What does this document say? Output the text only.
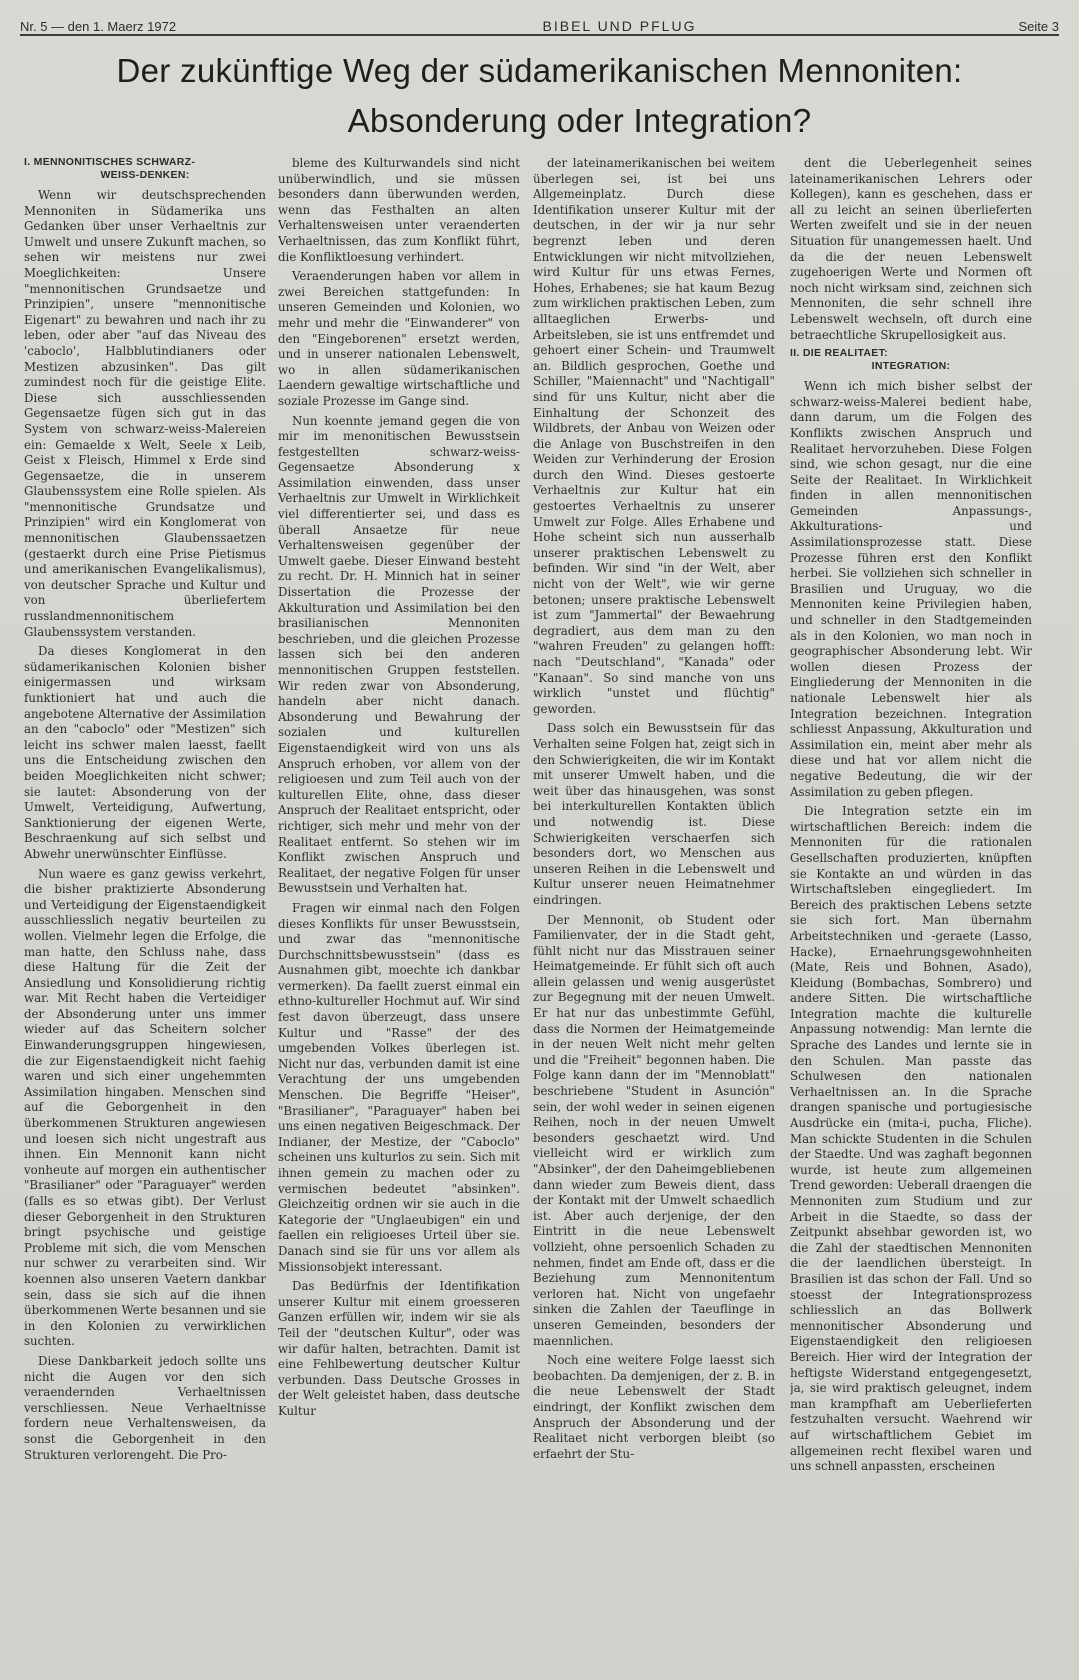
Nr. 5 — den 1. Maerz 1972	BIBEL UND PFLUG	Seite 3
Der zukünftige Weg der südamerikanischen Mennoniten:
Absonderung oder Integration?
I. MENNONITISCHES SCHWARZ-
WEISS-DENKEN:

Wenn wir deutschsprechenden Mennoniten in Südamerika uns Gedanken über unser Verhaeltnis zur Umwelt und unsere Zukunft machen, so sehen wir meistens nur zwei Moeglichkeiten: Unsere "mennonitischen Grundsaetze und Prinzipien", unsere "mennonitische Eigenart" zu bewahren und nach ihr zu leben, oder aber "auf das Niveau des 'caboclo', Halbblutindianers oder Mestizen abzusinken". Das gilt zumindest noch für die geistige Elite. Diese sich ausschliessenden Gegensaetze fügen sich gut in das System von schwarz-weiss-Malereien ein: Gemaelde x Welt, Seele x Leib, Geist x Fleisch, Himmel x Erde sind Gegensaetze, die in unserem Glaubenssystem eine Rolle spielen. Als "mennonitische Grundsatze und Prinzipien" wird ein Konglomerat von mennonitischen Glaubenssaetzen (gestaerkt durch eine Prise Pietismus und amerikanischen Evangelikalismus), von deutscher Sprache und Kultur und von überliefertem russlandmennonitischem Glaubenssystem verstanden.

Da dieses Konglomerat in den südamerikanischen Kolonien bisher einigermassen und wirksam funktioniert hat und auch die angebotene Alternative der Assimilation an den "caboclo" oder "Mestizen" sich leicht ins schwer malen laesst, faellt uns die Entscheidung zwischen den beiden Moeglichkeiten nicht schwer; sie lautet: Absonderung von der Umwelt, Verteidigung, Aufwertung, Sanktionierung der eigenen Werte, Beschraenkung auf sich selbst und Abwehr unerwünschter Einflüsse.

Nun waere es ganz gewiss verkehrt, die bisher praktizierte Absonderung und Verteidigung der Eigenstaendigkeit ausschliesslich negativ beurteilen zu wollen. Vielmehr legen die Erfolge, die man hatte, den Schluss nahe, dass diese Haltung für die Zeit der Ansiedlung und Konsolidierung richtig war. Mit Recht haben die Verteidiger der Absonderung unter uns immer wieder auf das Scheitern solcher Einwanderungsgruppen hingewiesen, die zur Eigenstaendigkeit nicht faehig waren und sich einer ungehemmten Assimilation hingaben. Menschen sind auf die Geborgenheit in den überkommenen Strukturen angewiesen und loesen sich nicht ungestraft aus ihnen. Ein Mennonit kann nicht vonheute auf morgen ein authentischer "Brasilianer" oder "Paraguayer" werden (falls es so etwas gibt). Der Verlust dieser Geborgenheit in den Strukturen bringt psychische und geistige Probleme mit sich, die vom Menschen nur schwer zu verarbeiten sind. Wir koennen also unseren Vaetern dankbar sein, dass sie sich auf die ihnen überkommenen Werte besannen und sie in den Kolonien zu verwirklichen suchten.

Diese Dankbarkeit jedoch sollte uns nicht die Augen vor den sich veraendernden Verhaeltnissen verschliessen. Neue Verhaeltnisse fordern neue Verhaltensweisen, da sonst die Geborgenheit in den Strukturen verlorengeht. Die Pro-

bleme des Kulturwandels sind nicht unüberwindlich, und sie müssen besonders dann überwunden werden, wenn das Festhalten an alten Verhaltensweisen unter veraenderten Verhaeltnissen, das zum Konflikt führt, die Konfliktloesung verhindert.

Veraenderungen haben vor allem in zwei Bereichen stattgefunden: In unseren Gemeinden und Kolonien, wo mehr und mehr die "Einwanderer" von den "Eingeborenen" ersetzt werden, und in unserer nationalen Lebenswelt, wo in allen südamerikanischen Laendern gewaltige wirtschaftliche und soziale Prozesse im Gange sind.

Nun koennte jemand gegen die von mir im menonitischen Bewusstsein festgestellten schwarz-weiss-Gegensaetze Absonderung x Assimilation einwenden, dass unser Verhaeltnis zur Umwelt in Wirklichkeit viel differentierter sei, und dass es überall Ansaetze für neue Verhaltensweisen gegenüber der Umwelt gaebe. Dieser Einwand besteht zu recht. Dr. H. Minnich hat in seiner Dissertation die Prozesse der Akkulturation und Assimilation bei den brasilianischen Mennoniten beschrieben, und die gleichen Prozesse lassen sich bei den anderen mennonitischen Gruppen feststellen. Wir reden zwar von Absonderung, handeln aber nicht danach. Absonderung und Bewahrung der sozialen und kulturellen Eigenstaendigkeit wird von uns als Anspruch erhoben, vor allem von der religioesen und zum Teil auch von der kulturellen Elite, ohne, dass dieser Anspruch der Realitaet entspricht, oder richtiger, sich mehr und mehr von der Realitaet entfernt. So stehen wir im Konflikt zwischen Anspruch und Realitaet, der negative Folgen für unser Bewusstsein und Verhalten hat.

Fragen wir einmal nach den Folgen dieses Konflikts für unser Bewusstsein, und zwar das "mennonitische Durchschnittsbewusstsein" (dass es Ausnahmen gibt, moechte ich dankbar vermerken). Da faellt zuerst einmal ein ethno-kultureller Hochmut auf. Wir sind fest davon überzeugt, dass unsere Kultur und "Rasse" der des umgebenden Volkes überlegen ist. Nicht nur das, verbunden damit ist eine Verachtung der uns umgebenden Menschen. Die Begriffe "Heiser", "Brasilianer", "Paraguayer" haben bei uns einen negativen Beigeschmack. Der Indianer, der Mestize, der "Caboclo" scheinen uns kulturlos zu sein. Sich mit ihnen gemein zu machen oder zu vermischen bedeutet "absinken". Gleichzeitig ordnen wir sie auch in die Kategorie der "Unglaeubigen" ein und faellen ein religioeses Urteil über sie. Danach sind sie für uns vor allem als Missionsobjekt interessant.

Das Bedürfnis der Identifikation unserer Kultur mit einem groesseren Ganzen erfüllen wir, indem wir sie als Teil der "deutschen Kultur", oder was wir dafür halten, betrachten. Damit ist eine Fehlbewertung deutscher Kultur verbunden. Dass Deutsche Grosses in der Welt geleistet haben, dass deutsche Kultur

der lateinamerikanischen bei weitem überlegen sei, ist bei uns Allgemeinplatz. Durch diese Identifikation unserer Kultur mit der deutschen, in der wir ja nur sehr begrenzt leben und deren Entwicklungen wir nicht mitvollziehen, wird Kultur für uns etwas Fernes, Hohes, Erhabenes; sie hat kaum Bezug zum wirklichen praktischen Leben, zum alltaeglichen Erwerbs- und Arbeitsleben, sie ist uns entfremdet und gehoert einer Schein- und Traumwelt an. Bildlich gesprochen, Goethe und Schiller, "Maiennacht" und "Nachtigall" sind für uns Kultur, nicht aber die Einhaltung der Schonzeit des Wildbrets, der Anbau von Weizen oder die Anlage von Buschstreifen in den Weiden zur Verhinderung der Erosion durch den Wind. Dieses gestoerte Verhaeltnis zur Kultur hat ein gestoertes Verhaeltnis zu unserer Umwelt zur Folge. Alles Erhabene und Hohe scheint sich nun ausserhalb unserer praktischen Lebenswelt zu befinden. Wir sind "in der Welt, aber nicht von der Welt", wie wir gerne betonen; unsere praktische Lebenswelt ist zum "Jammertal" der Bewaehrung degradiert, aus dem man zu den "wahren Freuden" zu gelangen hofft: nach "Deutschland", "Kanada" oder "Kanaan". So sind manche von uns wirklich "unstet und flüchtig" geworden.

Dass solch ein Bewusstsein für das Verhalten seine Folgen hat, zeigt sich in den Schwierigkeiten, die wir im Kontakt mit unserer Umwelt haben, und die weit über das hinausgehen, was sonst bei interkulturellen Kontakten üblich und notwendig ist. Diese Schwierigkeiten verschaerfen sich besonders dort, wo Menschen aus unseren Reihen in die Lebenswelt und Kultur unserer neuen Heimatnehmer eindringen.

Der Mennonit, ob Student oder Familienvater, der in die Stadt geht, fühlt nicht nur das Misstrauen seiner Heimatgemeinde. Er fühlt sich oft auch allein gelassen und wenig ausgerüstet zur Begegnung mit der neuen Umwelt. Er hat nur das unbestimmte Gefühl, dass die Normen der Heimatgemeinde in der neuen Welt nicht mehr gelten und die "Freiheit" begonnen haben. Die Folge kann dann der im "Mennoblatt" beschriebene "Student in Asunción" sein, der wohl weder in seinen eigenen Reihen, noch in der neuen Umwelt besonders geschaetzt wird. Und vielleicht wird er wirklich zum "Absinker", der den Daheimgebliebenen dann wieder zum Beweis dient, dass der Kontakt mit der Umwelt schaedlich ist. Aber auch derjenige, der den Eintritt in die neue Lebenswelt vollzieht, ohne persoenlich Schaden zu nehmen, findet am Ende oft, dass er die Beziehung zum Mennonitentum verloren hat. Nicht von ungefaehr sinken die Zahlen der Taeuflinge in unseren Gemeinden, besonders der maennlichen.

Noch eine weitere Folge laesst sich beobachten. Da demjenigen, der z. B. in die neue Lebenswelt der Stadt eindringt, der Konflikt zwischen dem Anspruch der Absonderung und der Realitaet nicht verborgen bleibt (so erfaehrt der Stu-

dent die Ueberlegenheit seines lateinamerikanischen Lehrers oder Kollegen), kann es geschehen, dass er all zu leicht an seinen überlieferten Werten zweifelt und sie in der neuen Situation für unangemessen haelt. Und da die der neuen Lebenswelt zugehoerigen Werte und Normen oft noch nicht wirksam sind, zeichnen sich Mennoniten, die sehr schnell ihre Lebenswelt wechseln, oft durch eine betraechtliche Skrupellosigkeit aus.

II. DIE REALITAET:
INTEGRATION:

Wenn ich mich bisher selbst der schwarz-weiss-Malerei bedient habe, dann darum, um die Folgen des Konflikts zwischen Anspruch und Realitaet hervorzuheben. Diese Folgen sind, wie schon gesagt, nur die eine Seite der Realitaet. In Wirklichkeit finden in allen mennonitischen Gemeinden Anpassungs-, Akkulturations- und Assimilationsprozesse statt. Diese Prozesse führen erst den Konflikt herbei. Sie vollziehen sich schneller in Brasilien und Uruguay, wo die Mennoniten keine Privilegien haben, und schneller in den Stadtgemeinden als in den Kolonien, wo man noch in geographischer Absonderung lebt. Wir wollen diesen Prozess der Eingliederung der Mennoniten in die nationale Lebenswelt hier als Integration bezeichnen. Integration schliesst Anpassung, Akkulturation und Assimilation ein, meint aber mehr als diese und hat vor allem nicht die negative Bedeutung, die wir der Assimilation zu geben pflegen.

Die Integration setzte ein im wirtschaftlichen Bereich: indem die Mennoniten für die rationalen Gesellschaften produzierten, knüpften sie Kontakte an und würden in das Wirtschaftsleben eingegliedert. Im Bereich des praktischen Lebens setzte sie sich fort. Man übernahm Arbeitstechniken und -geraete (Lasso, Hacke), Ernaehrungsgewohnheiten (Mate, Reis und Bohnen, Asado), Kleidung (Bombachas, Sombrero) und andere Sitten. Die wirtschaftliche Integration machte die kulturelle Anpassung notwendig: Man lernte die Sprache des Landes und lernte sie in den Schulen. Man passte das Schulwesen den nationalen Verhaeltnissen an. In die Sprache drangen spanische und portugiesische Ausdrücke ein (mita-i, pucha, Fliche). Man schickte Studenten in die Schulen der Staedte. Und was zaghaft begonnen wurde, ist heute zum allgemeinen Trend geworden: Ueberall draengen die Mennoniten zum Studium und zur Arbeit in die Staedte, so dass der Zeitpunkt absehbar geworden ist, wo die Zahl der staedtischen Mennoniten die der laendlichen übersteigt. In Brasilien ist das schon der Fall. Und so stoesst der Integrationsprozess schliesslich an das Bollwerk mennonitischer Absonderung und Eigenstaendigkeit den religioesen Bereich. Hier wird der Integration der heftigste Widerstand entgegengesetzt, ja, sie wird praktisch geleugnet, indem man krampfhaft am Ueberlieferten festzuhalten versucht. Waehrend wir auf wirtschaftlichem Gebiet im allgemeinen recht flexibel waren und uns schnell anpassten, erscheinen
